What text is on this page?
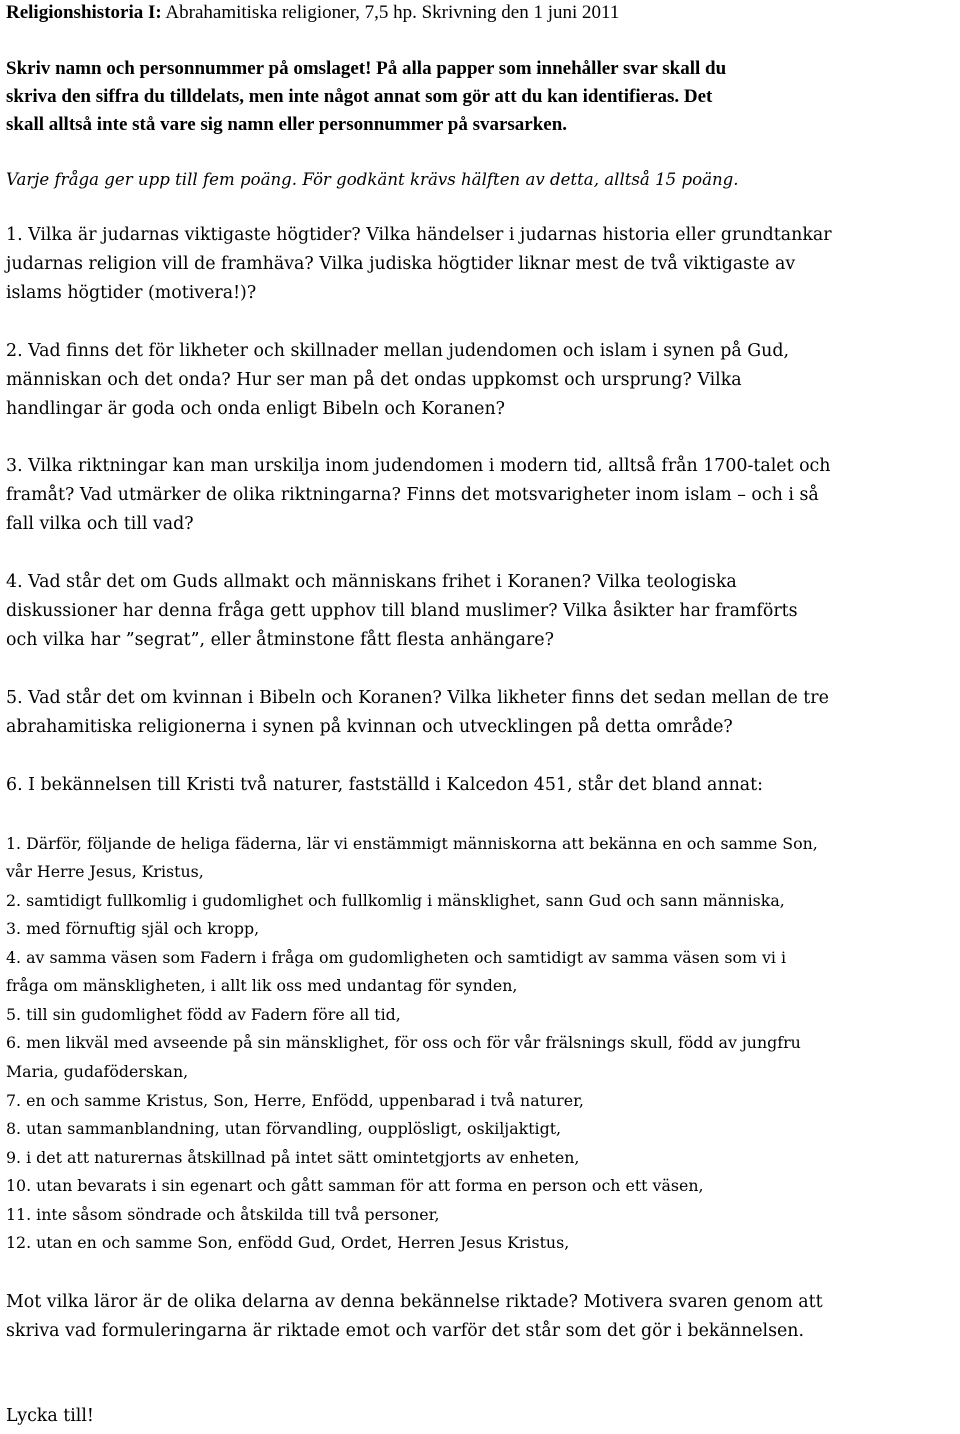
Religionshistoria I: Abrahamitiska religioner, 7,5 hp. Skrivning den 1 juni 2011
Skriv namn och personnummer på omslaget! På alla papper som innehåller svar skall du
skriva den siffra du tilldelats, men inte något annat som gör att du kan identifieras. Det
skall alltså inte stå vare sig namn eller personnummer på svarsarken.
Varje fråga ger upp till fem poäng. För godkänt krävs hälften av detta, alltså 15 poäng.
1. Vilka är judarnas viktigaste högtider? Vilka händelser i judarnas historia eller grundtankar
judarnas religion vill de framhäva? Vilka judiska högtider liknar mest de två viktigaste av
islams högtider (motivera!)?
2. Vad finns det för likheter och skillnader mellan judendomen och islam i synen på Gud,
människan och det onda? Hur ser man på det ondas uppkomst och ursprung? Vilka
handlingar är goda och onda enligt Bibeln och Koranen?
3. Vilka riktningar kan man urskilja inom judendomen i modern tid, alltså från 1700-talet och
framåt? Vad utmärker de olika riktningarna? Finns det motsvarigheter inom islam – och i så
fall vilka och till vad?
4. Vad står det om Guds allmakt och människans frihet i Koranen? Vilka teologiska
diskussioner har denna fråga gett upphov till bland muslimer? Vilka åsikter har framförts
och vilka har ”segrat”, eller åtminstone fått flesta anhängare?
5. Vad står det om kvinnan i Bibeln och Koranen? Vilka likheter finns det sedan mellan de tre
abrahamitiska religionerna i synen på kvinnan och utvecklingen på detta område?
6. I bekännelsen till Kristi två naturer, fastställd i Kalcedon 451, står det bland annat:
1. Därför, följande de heliga fäderna, lär vi enstämmigt människorna att bekänna en och samme Son,
vår Herre Jesus, Kristus,
2. samtidigt fullkomlig i gudomlighet och fullkomlig i mänsklighet, sann Gud och sann människa,
3. med förnuftig själ och kropp,
4. av samma väsen som Fadern i fråga om gudomligheten och samtidigt av samma väsen som vi i
fråga om mänskligheten, i allt lik oss med undantag för synden,
5. till sin gudomlighet född av Fadern före all tid,
6. men likväl med avseende på sin mänsklighet, för oss och för vår frälsnings skull, född av jungfru
Maria, gudaföderskan,
7. en och samme Kristus, Son, Herre, Enfödd, uppenbarad i två naturer,
8. utan sammanblandning, utan förvandling, oupplösligt, oskiljaktigt,
9. i det att naturernas åtskillnad på intet sätt omintetgjorts av enheten,
10. utan bevarats i sin egenart och gått samman för att forma en person och ett väsen,
11. inte såsom söndrade och åtskilda till två personer,
12. utan en och samme Son, enfödd Gud, Ordet, Herren Jesus Kristus,
Mot vilka läror är de olika delarna av denna bekännelse riktade? Motivera svaren genom att
skriva vad formuleringarna är riktade emot och varför det står som det gör i bekännelsen.
Lycka till!
